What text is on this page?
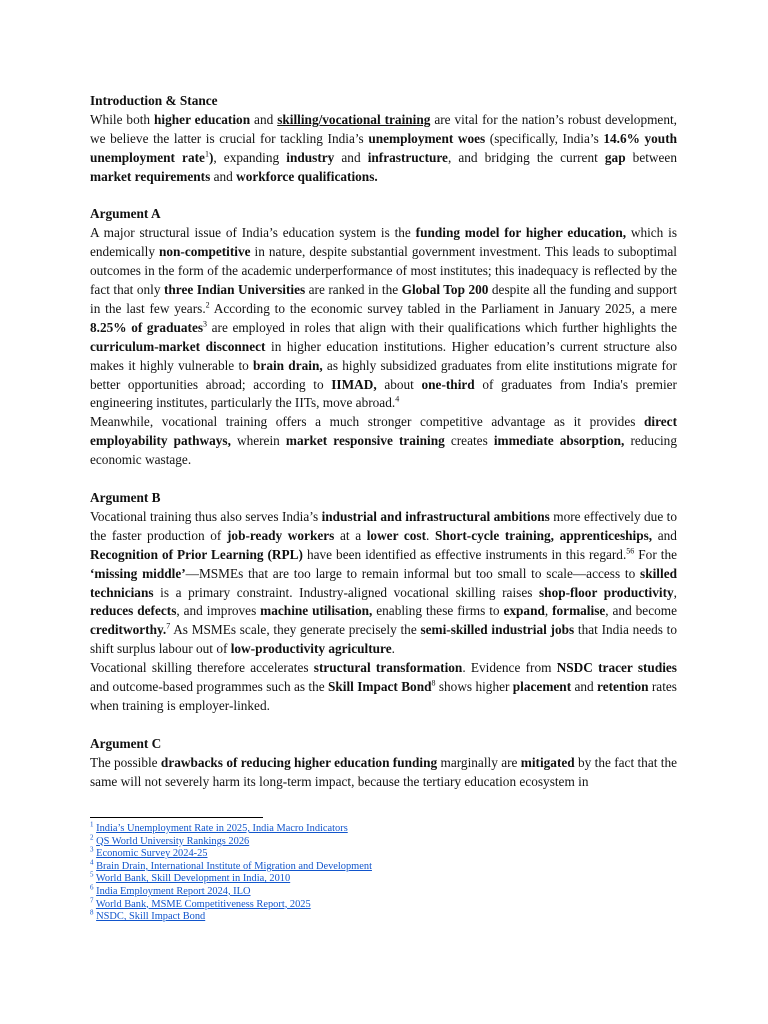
Introduction & Stance

While both higher education and skilling/vocational training are vital for the nation’s robust development, we believe the latter is crucial for tackling India’s unemployment woes (specifically, India’s 14.6% youth unemployment rate$^1$), expanding industry and infrastructure, and bridging the current gap between market requirements and workforce qualifications.

Argument A

A major structural issue of India’s education system is the funding model for higher education, which is endemically non-competitive in nature, despite substantial government investment. This leads to suboptimal outcomes in the form of the academic underperformance of most institutes; this inadequacy is reflected by the fact that only three Indian Universities are ranked in the Global Top 200 despite all the funding and support in the last few years.$^2$ According to the economic survey tabled in the Parliament in January 2025, a mere 8.25% of graduates$^3$ are employed in roles that align with their qualifications which further highlights the curriculum-market disconnect in higher education institutions. Higher education’s current structure also makes it highly vulnerable to brain drain, as highly subsidized graduates from elite institutions migrate for better opportunities abroad; according to IIMAD, about one-third of graduates from India's premier engineering institutes, particularly the IITs, move abroad.$^4$

Meanwhile, vocational training offers a much stronger competitive advantage as it provides direct employability pathways, wherein market responsive training creates immediate absorption, reducing economic wastage.

Argument B

Vocational training thus also serves India’s industrial and infrastructural ambitions more effectively due to the faster production of job-ready workers at a lower cost. Short-cycle training, apprenticeships, and Recognition of Prior Learning (RPL) have been identified as effective instruments in this regard.$^{56}$ For the ‘missing middle’—MSMEs that are too large to remain informal but too small to scale—access to skilled technicians is a primary constraint. Industry-aligned vocational skilling raises shop-floor productivity, reduces defects, and improves machine utilisation, enabling these firms to expand, formalise, and become creditworthy.$^7$ As MSMEs scale, they generate precisely the semi-skilled industrial jobs that India needs to shift surplus labour out of low-productivity agriculture.

Vocational skilling therefore accelerates structural transformation. Evidence from NSDC tracer studies and outcome-based programmes such as the Skill Impact Bond$^8$ shows higher placement and retention rates when training is employer-linked.

Argument C

The possible drawbacks of reducing higher education funding marginally are mitigated by the fact that the same will not severely harm its long-term impact, because the tertiary education ecosystem in

$^1$ India’s Unemployment Rate in 2025, India Macro Indicators
$^2$ QS World University Rankings 2026
$^3$ Economic Survey 2024-25
$^4$ Brain Drain, International Institute of Migration and Development
$^5$ World Bank, Skill Development in India, 2010
$^6$ India Employment Report 2024, ILO
$^7$ World Bank, MSME Competitiveness Report, 2025
$^8$ NSDC, Skill Impact Bond
